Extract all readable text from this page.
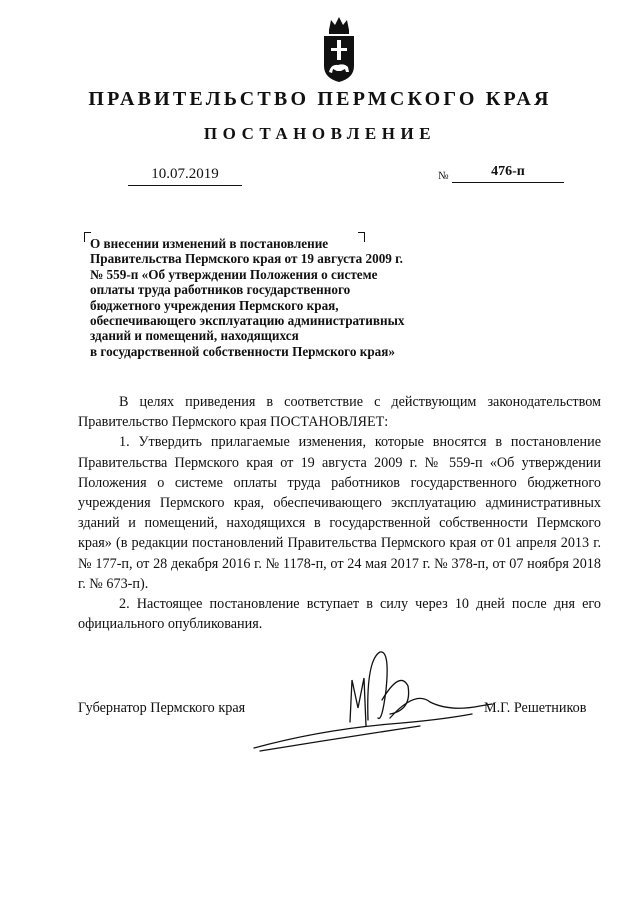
ПРАВИТЕЛЬСТВО ПЕРМСКОГО КРАЯ
ПОСТАНОВЛЕНИЕ
10.07.2019	№	476-п
О внесении изменений в постановление
Правительства Пермского края от 19 августа 2009 г.
№ 559-п «Об утверждении Положения о системе
оплаты труда работников государственного
бюджетного учреждения Пермского края,
обеспечивающего эксплуатацию административных
зданий и помещений, находящихся
в государственной собственности Пермского края»

В целях приведения в соответствие с действующим законодательством Правительство Пермского края ПОСТАНОВЛЯЕТ:

1. Утвердить прилагаемые изменения, которые вносятся в постановление Правительства Пермского края от 19 августа 2009 г. № 559-п «Об утверждении Положения о системе оплаты труда работников государственного бюджетного учреждения Пермского края, обеспечивающего эксплуатацию административных зданий и помещений, находящихся в государственной собственности Пермского края» (в редакции постановлений Правительства Пермского края от 01 апреля 2013 г. № 177-п, от 28 декабря 2016 г. № 1178-п, от 24 мая 2017 г. № 378-п, от 07 ноября 2018 г. № 673-п).

2. Настоящее постановление вступает в силу через 10 дней после дня его официального опубликования.

Губернатор Пермского края	М.Г. Решетников
